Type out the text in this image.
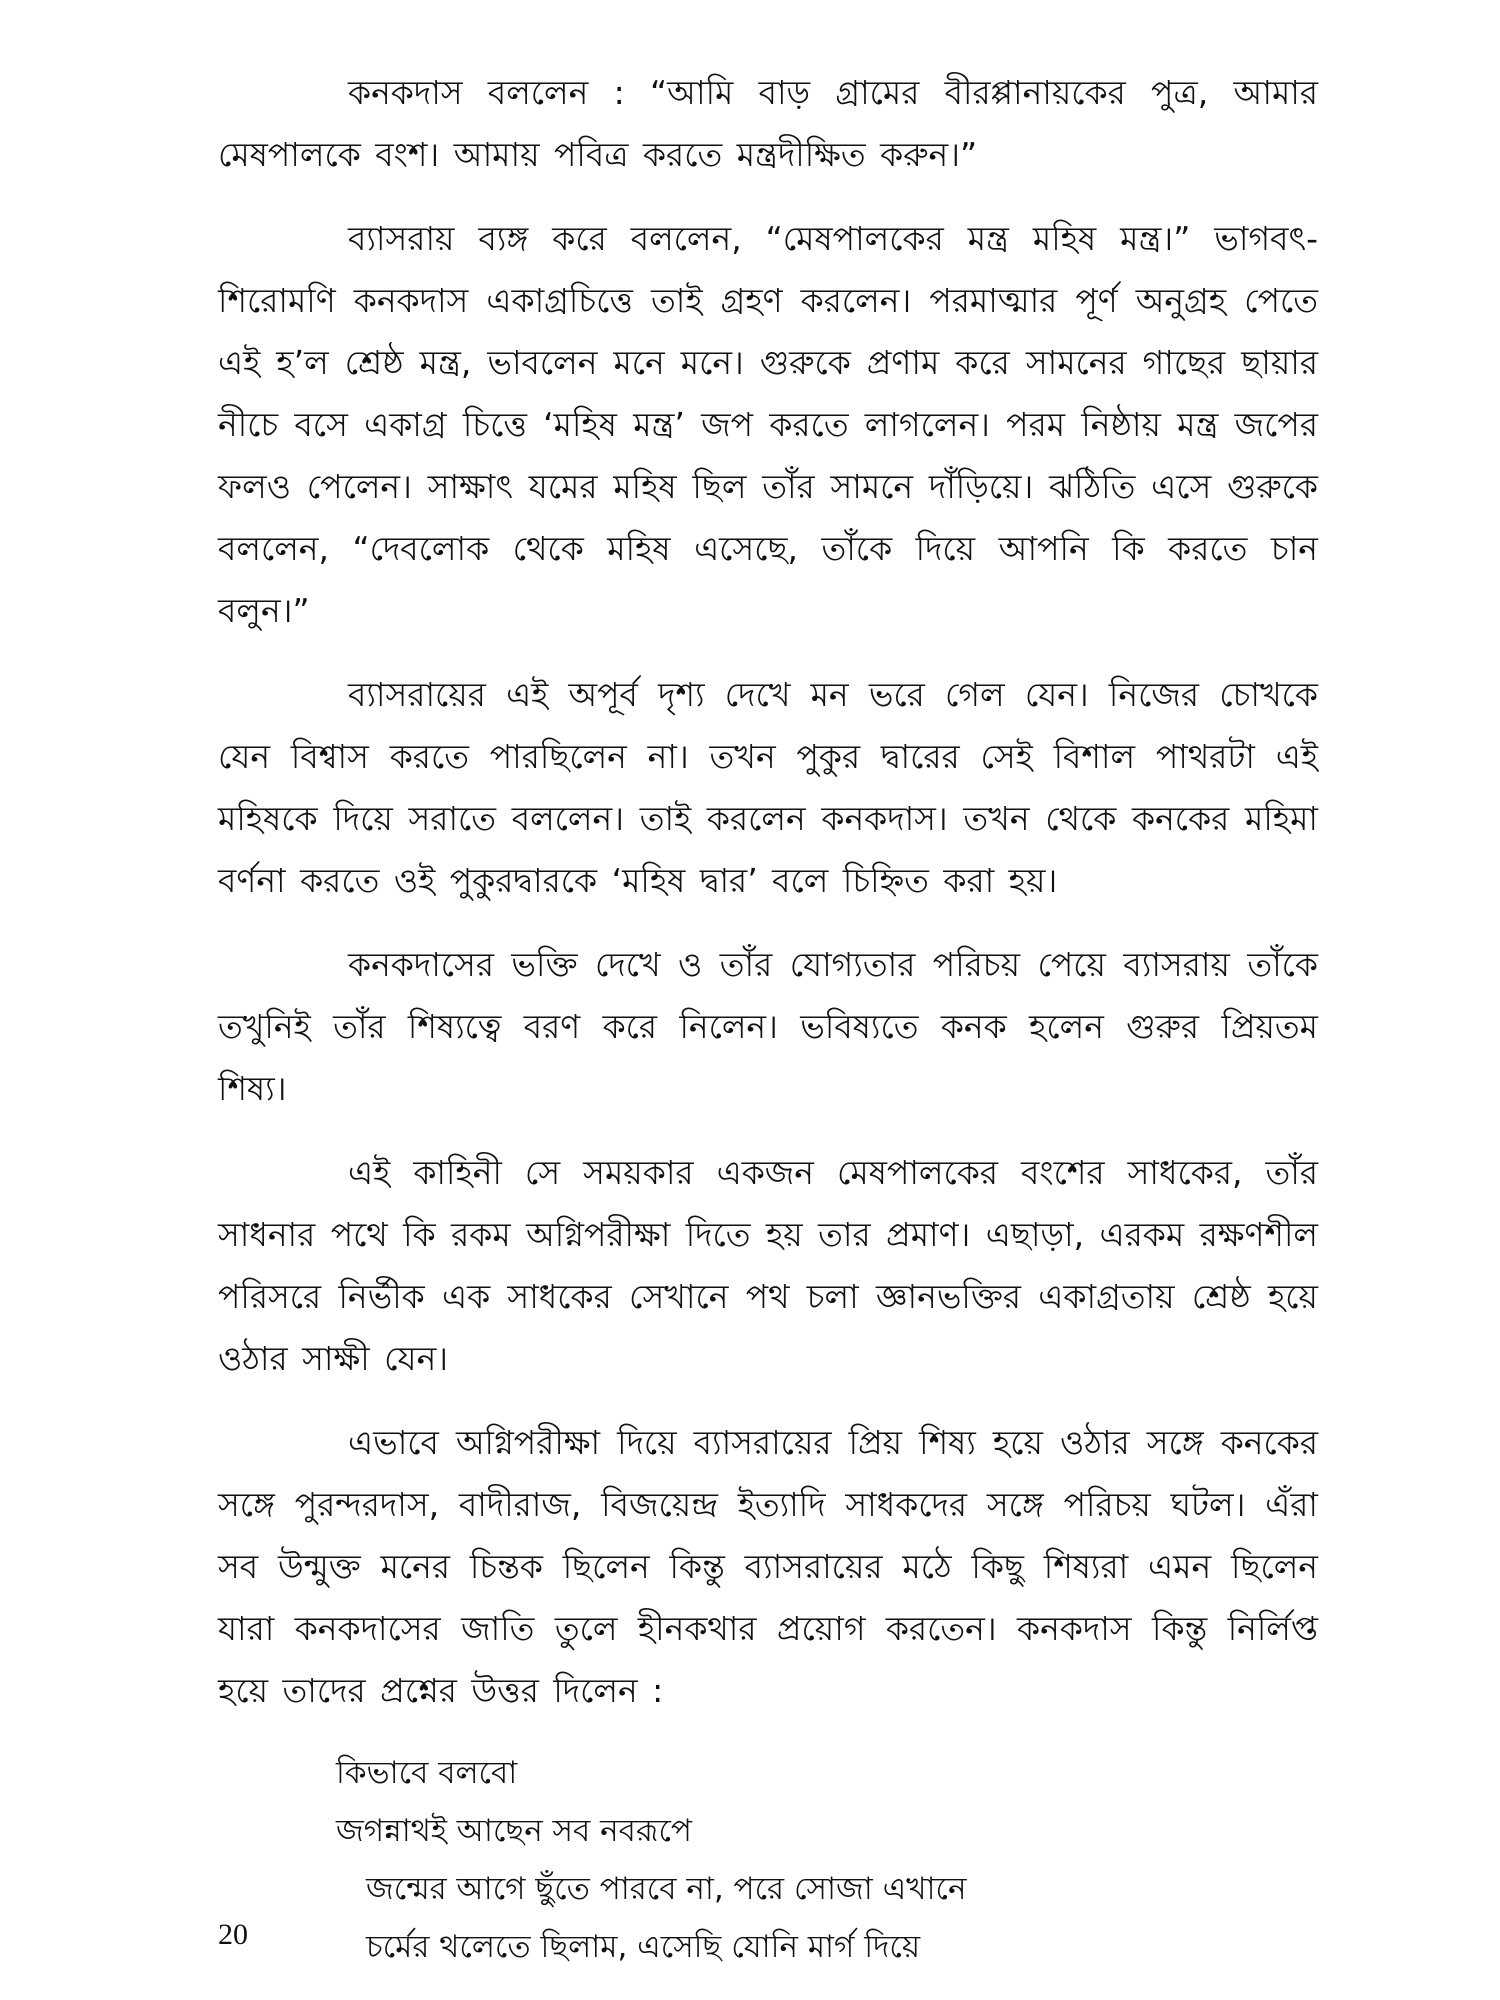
কনকদাস বললেন : “আমি বাড় গ্রামের বীরপ্পানায়কের পুত্র, আমার মেষপালকে বংশ। আমায় পবিত্র করতে মন্ত্রদীক্ষিত করুন।”

ব্যাসরায় ব্যঙ্গ করে বললেন, “মেষপালকের মন্ত্র মহিষ মন্ত্র।” ভাগবৎ-শিরোমণি কনকদাস একাগ্রচিত্তে তাই গ্রহণ করলেন। পরমাত্মার পূর্ণ অনুগ্রহ পেতে এই হ’ল শ্রেষ্ঠ মন্ত্র, ভাবলেন মনে মনে। গুরুকে প্রণাম করে সামনের গাছের ছায়ার নীচে বসে একাগ্র চিত্তে ‘মহিষ মন্ত্র’ জপ করতে লাগলেন। পরম নিষ্ঠায় মন্ত্র জপের ফলও পেলেন। সাক্ষাৎ যমের মহিষ ছিল তাঁর সামনে দাঁড়িয়ে। ঝঠিতি এসে গুরুকে বললেন, “দেবলোক থেকে মহিষ এসেছে, তাঁকে দিয়ে আপনি কি করতে চান বলুন।”

ব্যাসরায়ের এই অপূর্ব দৃশ্য দেখে মন ভরে গেল যেন। নিজের চোখকে যেন বিশ্বাস করতে পারছিলেন না। তখন পুকুর দ্বারের সেই বিশাল পাথরটা এই মহিষকে দিয়ে সরাতে বললেন। তাই করলেন কনকদাস। তখন থেকে কনকের মহিমা বর্ণনা করতে ওই পুকুরদ্বারকে ‘মহিষ দ্বার’ বলে চিহ্নিত করা হয়।

কনকদাসের ভক্তি দেখে ও তাঁর যোগ্যতার পরিচয় পেয়ে ব্যাসরায় তাঁকে তখুনিই তাঁর শিষ্যত্বে বরণ করে নিলেন। ভবিষ্যতে কনক হলেন গুরুর প্রিয়তম শিষ্য।

এই কাহিনী সে সময়কার একজন মেষপালকের বংশের সাধকের, তাঁর সাধনার পথে কি রকম অগ্নিপরীক্ষা দিতে হয় তার প্রমাণ। এছাড়া, এরকম রক্ষণশীল পরিসরে নির্ভীক এক সাধকের সেখানে পথ চলা জ্ঞানভক্তির একাগ্রতায় শ্রেষ্ঠ হয়ে ওঠার সাক্ষী যেন।

এভাবে অগ্নিপরীক্ষা দিয়ে ব্যাসরায়ের প্রিয় শিষ্য হয়ে ওঠার সঙ্গে কনকের সঙ্গে পুরন্দরদাস, বাদীরাজ, বিজয়েন্দ্র ইত্যাদি সাধকদের সঙ্গে পরিচয় ঘটল। এঁরা সব উন্মুক্ত মনের চিন্তক ছিলেন কিন্তু ব্যাসরায়ের মঠে কিছু শিষ্যরা এমন ছিলেন যারা কনকদাসের জাতি তুলে হীনকথার প্রয়োগ করতেন। কনকদাস কিন্তু নির্লিপ্ত হয়ে তাদের প্রশ্নের উত্তর দিলেন :

কিভাবে বলবো
জগন্নাথই আছেন সব নবরূপে
জন্মের আগে ছুঁতে পারবে না, পরে সোজা এখানে
চর্মের থলেতে ছিলাম, এসেছি যোনি মার্গ দিয়ে
20
